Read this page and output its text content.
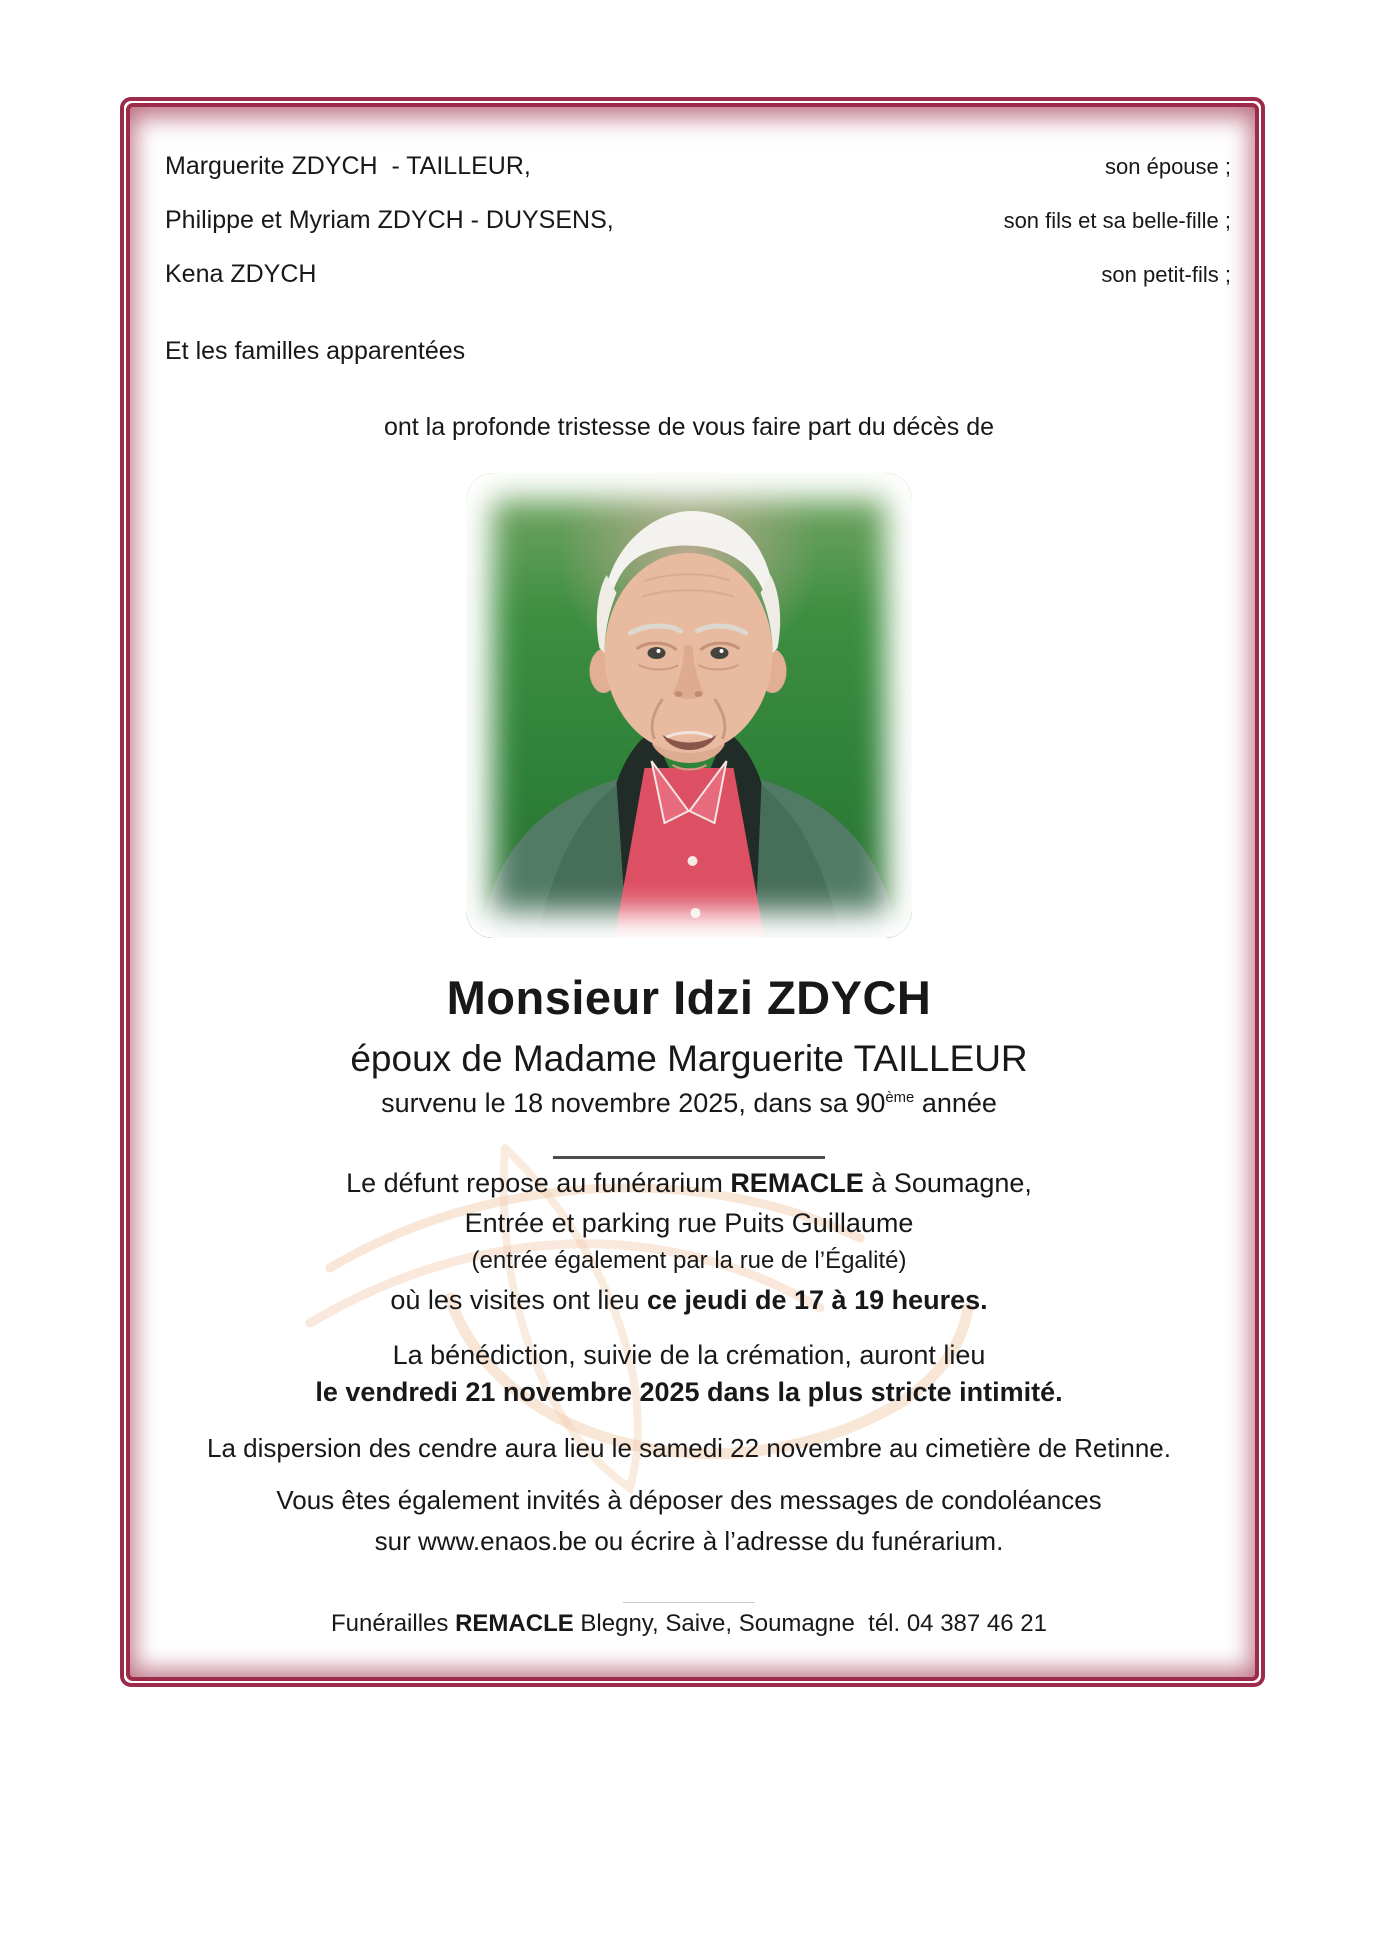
Marguerite ZDYCH  - TAILLEUR,	son épouse ;
Philippe et Myriam ZDYCH - DUYSENS,	son fils et sa belle-fille ;
Kena ZDYCH	son petit-fils ;
Et les familles apparentées
ont la profonde tristesse de vous faire part du décès de
Monsieur Idzi ZDYCH
époux de Madame Marguerite TAILLEUR
survenu le 18 novembre 2025, dans sa 90ème année
Le défunt repose au funérarium REMACLE à Soumagne,
Entrée et parking rue Puits Guillaume
(entrée également par la rue de l’Égalité)
où les visites ont lieu ce jeudi de 17 à 19 heures.
La bénédiction, suivie de la crémation, auront lieu
le vendredi 21 novembre 2025 dans la plus stricte intimité.
La dispersion des cendre aura lieu le samedi 22 novembre au cimetière de Retinne.
Vous êtes également invités à déposer des messages de condoléances
sur www.enaos.be ou écrire à l’adresse du funérarium.
Funérailles REMACLE Blegny, Saive, Soumagne  tél. 04 387 46 21
